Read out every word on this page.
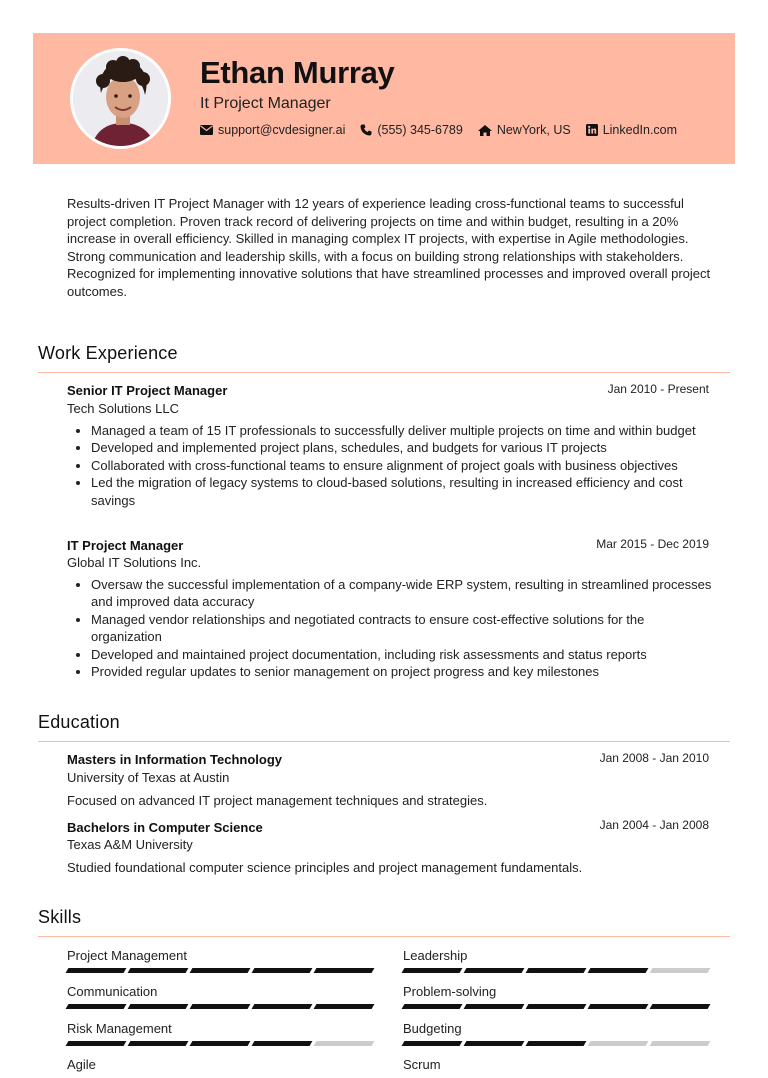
Ethan Murray
It Project Manager
support@cvdesigner.ai	(555) 345-6789	NewYork, US	LinkedIn.com

Results-driven IT Project Manager with 12 years of experience leading cross-functional teams to successful project completion. Proven track record of delivering projects on time and within budget, resulting in a 20% increase in overall efficiency. Skilled in managing complex IT projects, with expertise in Agile methodologies. Strong communication and leadership skills, with a focus on building strong relationships with stakeholders. Recognized for implementing innovative solutions that have streamlined processes and improved overall project outcomes.

Work Experience
Senior IT Project Manager	Jan 2010 - Present
Tech Solutions LLC
Managed a team of 15 IT professionals to successfully deliver multiple projects on time and within budget
Developed and implemented project plans, schedules, and budgets for various IT projects
Collaborated with cross-functional teams to ensure alignment of project goals with business objectives
Led the migration of legacy systems to cloud-based solutions, resulting in increased efficiency and cost savings
IT Project Manager	Mar 2015 - Dec 2019
Global IT Solutions Inc.
Oversaw the successful implementation of a company-wide ERP system, resulting in streamlined processes and improved data accuracy
Managed vendor relationships and negotiated contracts to ensure cost-effective solutions for the organization
Developed and maintained project documentation, including risk assessments and status reports
Provided regular updates to senior management on project progress and key milestones
Education
Masters in Information Technology	Jan 2008 - Jan 2010
University of Texas at Austin
Focused on advanced IT project management techniques and strategies.
Bachelors in Computer Science	Jan 2004 - Jan 2008
Texas A&M University
Studied foundational computer science principles and project management fundamentals.
Skills
Project Management	Leadership
Communication	Problem-solving
Risk Management	Budgeting
Agile	Scrum
